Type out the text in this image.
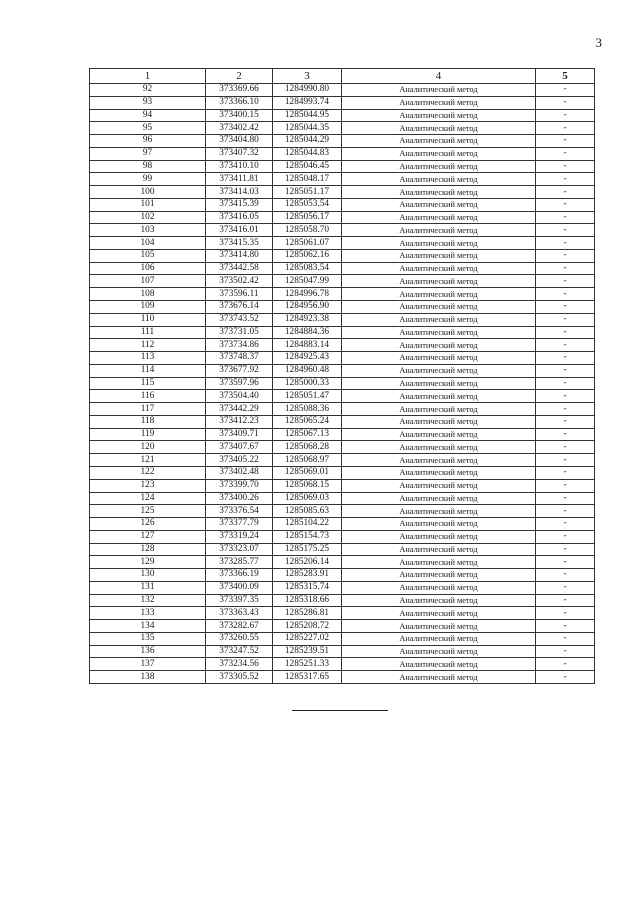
3
1	2	3	4	5
92	373369.66	1284990.80	Аналитический метод	-
93	373366.10	1284993.74	Аналитический метод	-
94	373400.15	1285044.95	Аналитический метод	-
95	373402.42	1285044.35	Аналитический метод	-
96	373404.80	1285044.29	Аналитический метод	-
97	373407.32	1285044.83	Аналитический метод	-
98	373410.10	1285046.45	Аналитический метод	-
99	373411.81	1285048.17	Аналитический метод	-
100	373414.03	1285051.17	Аналитический метод	-
101	373415.39	1285053.54	Аналитический метод	-
102	373416.05	1285056.17	Аналитический метод	-
103	373416.01	1285058.70	Аналитический метод	-
104	373415.35	1285061.07	Аналитический метод	-
105	373414.80	1285062.16	Аналитический метод	-
106	373442.58	1285083.54	Аналитический метод	-
107	373502.42	1285047.99	Аналитический метод	-
108	373596.11	1284996.78	Аналитический метод	-
109	373676.14	1284956.90	Аналитический метод	-
110	373743.52	1284923.38	Аналитический метод	-
111	373731.05	1284884.36	Аналитический метод	-
112	373734.86	1284883.14	Аналитический метод	-
113	373748.37	1284925.43	Аналитический метод	-
114	373677.92	1284960.48	Аналитический метод	-
115	373597.96	1285000.33	Аналитический метод	-
116	373504.40	1285051.47	Аналитический метод	-
117	373442.29	1285088.36	Аналитический метод	-
118	373412.23	1285065.24	Аналитический метод	-
119	373409.71	1285067.13	Аналитический метод	-
120	373407.67	1285068.28	Аналитический метод	-
121	373405.22	1285068.97	Аналитический метод	-
122	373402.48	1285069.01	Аналитический метод	-
123	373399.70	1285068.15	Аналитический метод	-
124	373400.26	1285069.03	Аналитический метод	-
125	373376.54	1285085.63	Аналитический метод	-
126	373377.79	1285104.22	Аналитический метод	-
127	373319.24	1285154.73	Аналитический метод	-
128	373323.07	1285175.25	Аналитический метод	-
129	373285.77	1285206.14	Аналитический метод	-
130	373366.19	1285283.91	Аналитический метод	-
131	373400.09	1285315.74	Аналитический метод	-
132	373397.35	1285318.66	Аналитический метод	-
133	373363.43	1285286.81	Аналитический метод	-
134	373282.67	1285208.72	Аналитический метод	-
135	373260.55	1285227.02	Аналитический метод	-
136	373247.52	1285239.51	Аналитический метод	-
137	373234.56	1285251.33	Аналитический метод	-
138	373305.52	1285317.65	Аналитический метод	-
